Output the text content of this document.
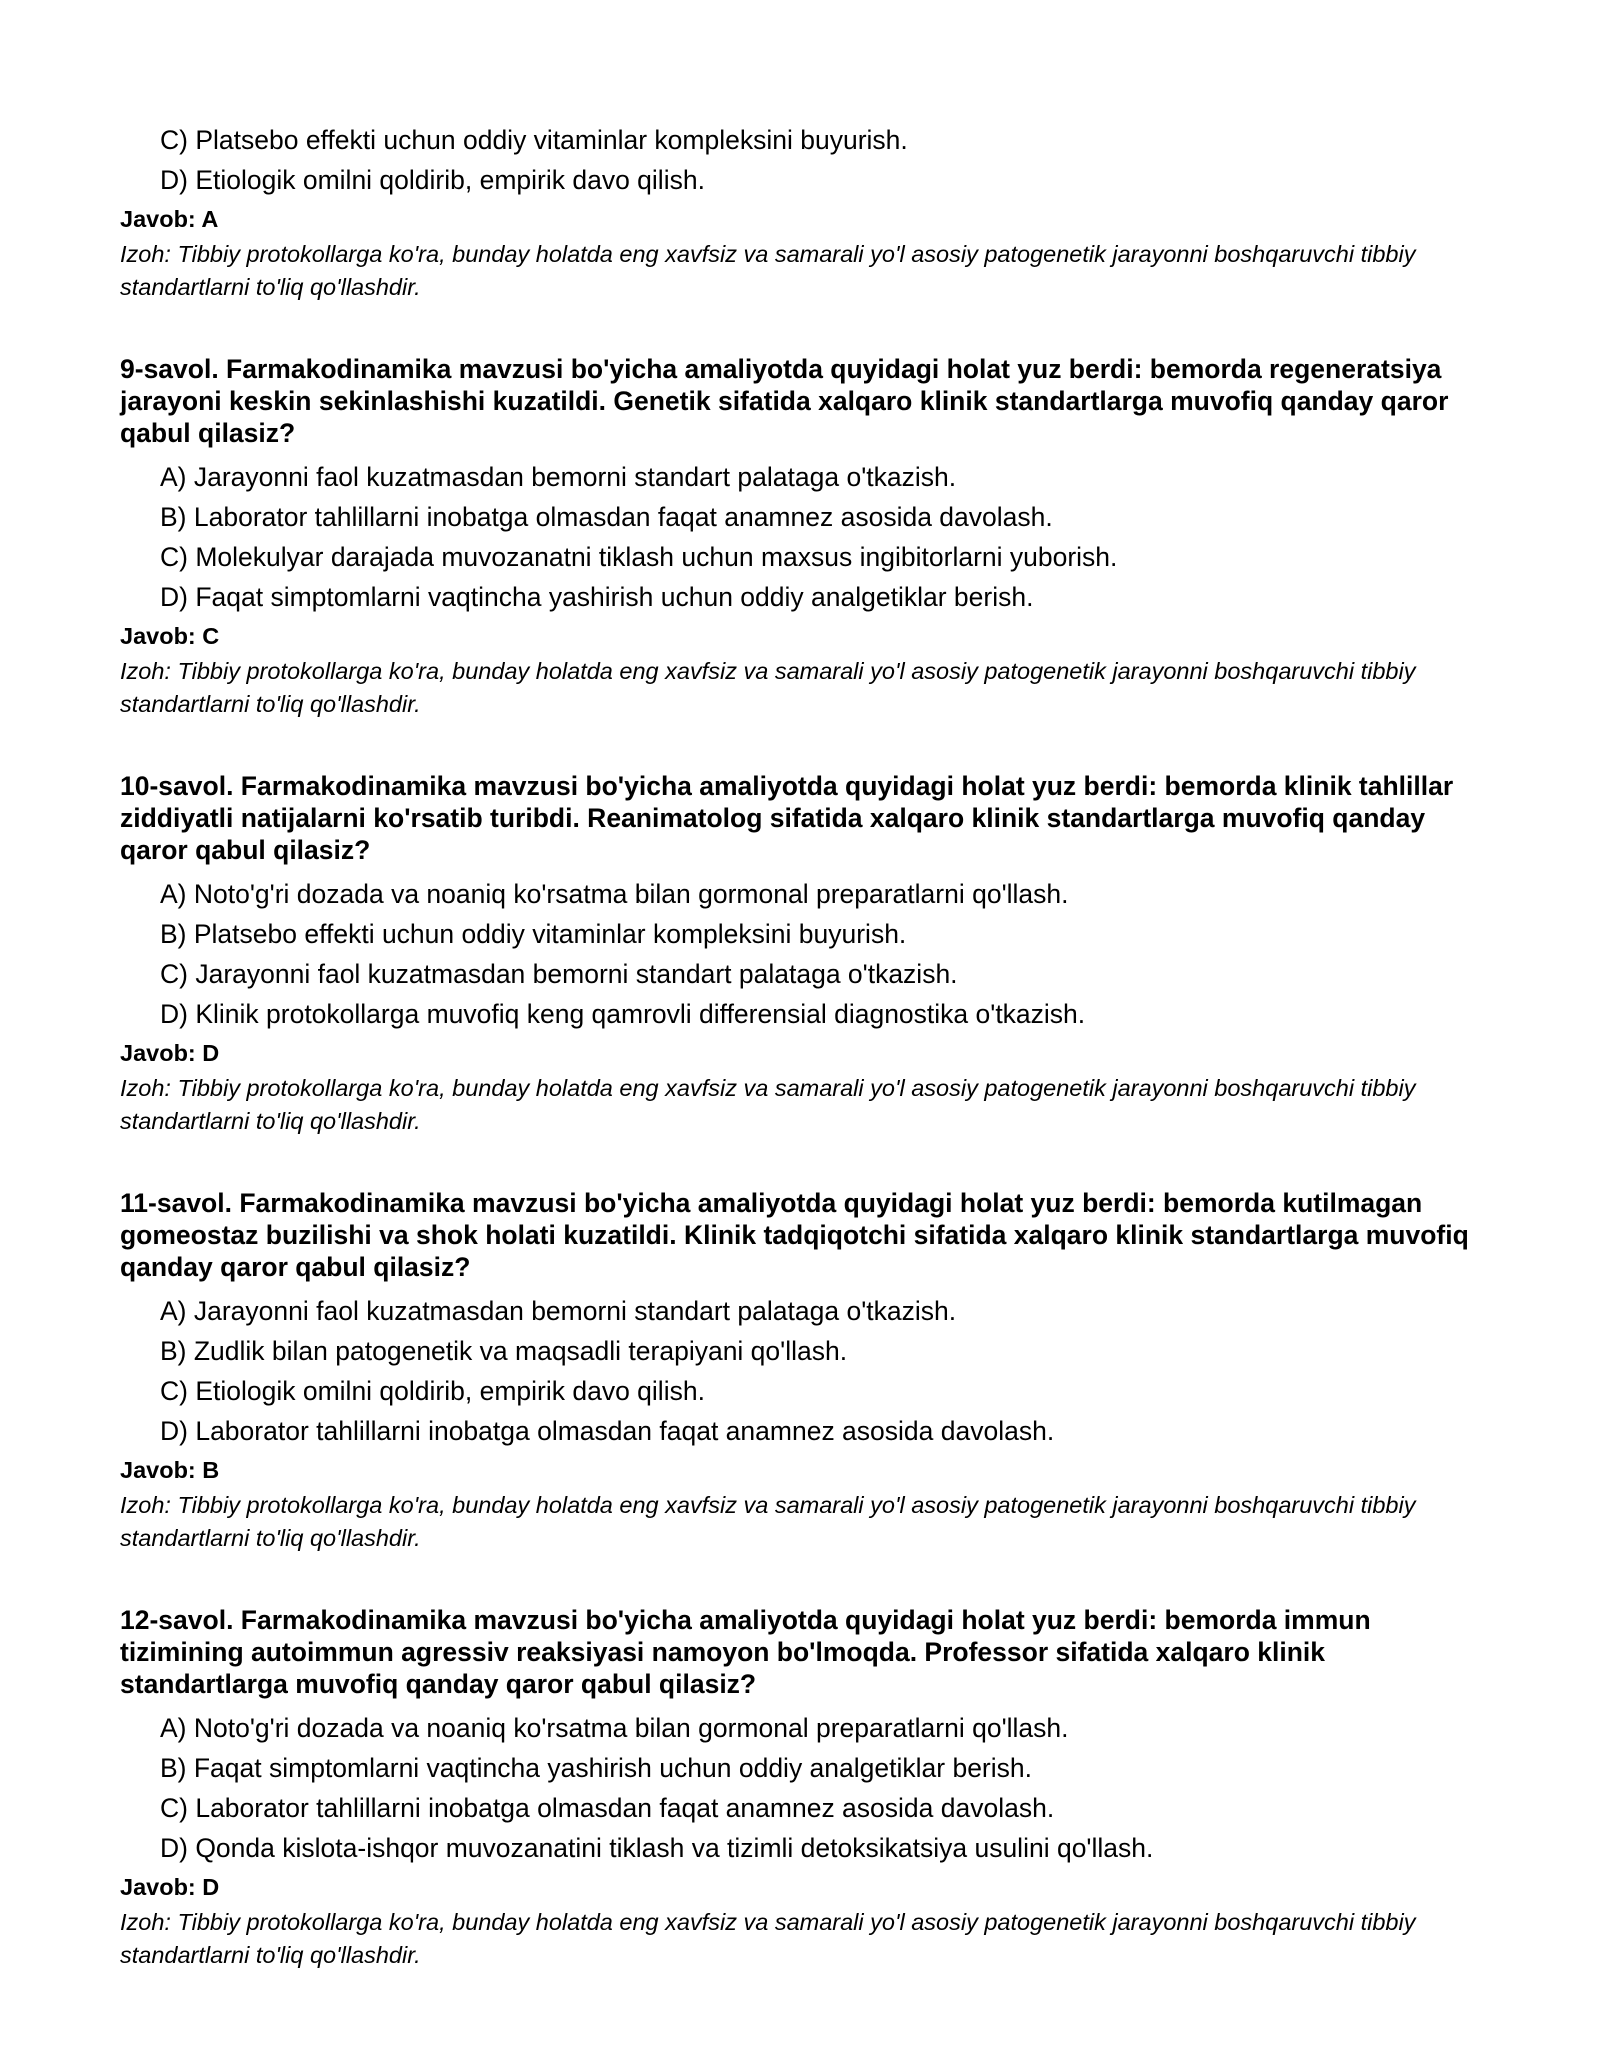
C) Platsebo effekti uchun oddiy vitaminlar kompleksini buyurish.
D) Etiologik omilni qoldirib, empirik davo qilish.
Javob: A
Izoh: Tibbiy protokollarga ko'ra, bunday holatda eng xavfsiz va samarali yo'l asosiy patogenetik jarayonni boshqaruvchi tibbiy standartlarni to'liq qo'llashdir.
9-savol. Farmakodinamika mavzusi bo'yicha amaliyotda quyidagi holat yuz berdi: bemorda regeneratsiya jarayoni keskin sekinlashishi kuzatildi. Genetik sifatida xalqaro klinik standartlarga muvofiq qanday qaror qabul qilasiz?
A) Jarayonni faol kuzatmasdan bemorni standart palataga o'tkazish.
B) Laborator tahlillarni inobatga olmasdan faqat anamnez asosida davolash.
C) Molekulyar darajada muvozanatni tiklash uchun maxsus ingibitorlarni yuborish.
D) Faqat simptomlarni vaqtincha yashirish uchun oddiy analgetiklar berish.
Javob: C
Izoh: Tibbiy protokollarga ko'ra, bunday holatda eng xavfsiz va samarali yo'l asosiy patogenetik jarayonni boshqaruvchi tibbiy standartlarni to'liq qo'llashdir.
10-savol. Farmakodinamika mavzusi bo'yicha amaliyotda quyidagi holat yuz berdi: bemorda klinik tahlillar ziddiyatli natijalarni ko'rsatib turibdi. Reanimatolog sifatida xalqaro klinik standartlarga muvofiq qanday qaror qabul qilasiz?
A) Noto'g'ri dozada va noaniq ko'rsatma bilan gormonal preparatlarni qo'llash.
B) Platsebo effekti uchun oddiy vitaminlar kompleksini buyurish.
C) Jarayonni faol kuzatmasdan bemorni standart palataga o'tkazish.
D) Klinik protokollarga muvofiq keng qamrovli differensial diagnostika o'tkazish.
Javob: D
Izoh: Tibbiy protokollarga ko'ra, bunday holatda eng xavfsiz va samarali yo'l asosiy patogenetik jarayonni boshqaruvchi tibbiy standartlarni to'liq qo'llashdir.
11-savol. Farmakodinamika mavzusi bo'yicha amaliyotda quyidagi holat yuz berdi: bemorda kutilmagan gomeostaz buzilishi va shok holati kuzatildi. Klinik tadqiqotchi sifatida xalqaro klinik standartlarga muvofiq qanday qaror qabul qilasiz?
A) Jarayonni faol kuzatmasdan bemorni standart palataga o'tkazish.
B) Zudlik bilan patogenetik va maqsadli terapiyani qo'llash.
C) Etiologik omilni qoldirib, empirik davo qilish.
D) Laborator tahlillarni inobatga olmasdan faqat anamnez asosida davolash.
Javob: B
Izoh: Tibbiy protokollarga ko'ra, bunday holatda eng xavfsiz va samarali yo'l asosiy patogenetik jarayonni boshqaruvchi tibbiy standartlarni to'liq qo'llashdir.
12-savol. Farmakodinamika mavzusi bo'yicha amaliyotda quyidagi holat yuz berdi: bemorda immun tizimining autoimmun agressiv reaksiyasi namoyon bo'lmoqda. Professor sifatida xalqaro klinik standartlarga muvofiq qanday qaror qabul qilasiz?
A) Noto'g'ri dozada va noaniq ko'rsatma bilan gormonal preparatlarni qo'llash.
B) Faqat simptomlarni vaqtincha yashirish uchun oddiy analgetiklar berish.
C) Laborator tahlillarni inobatga olmasdan faqat anamnez asosida davolash.
D) Qonda kislota-ishqor muvozanatini tiklash va tizimli detoksikatsiya usulini qo'llash.
Javob: D
Izoh: Tibbiy protokollarga ko'ra, bunday holatda eng xavfsiz va samarali yo'l asosiy patogenetik jarayonni boshqaruvchi tibbiy standartlarni to'liq qo'llashdir.
